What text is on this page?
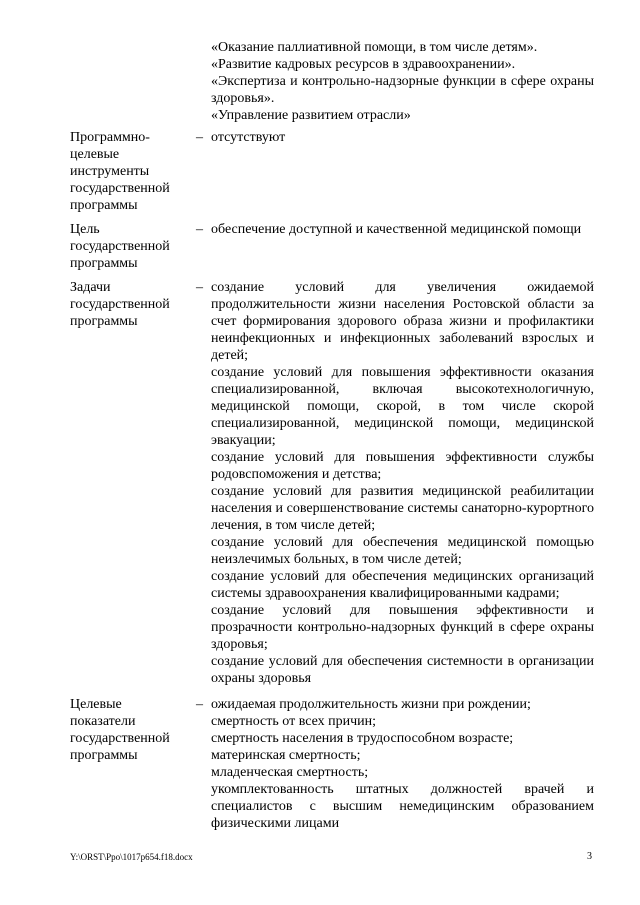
«Оказание паллиативной помощи, в том числе детям».

«Развитие кадровых ресурсов в здравоохранении».

«Экспертиза и контрольно-надзорные функции в сфере охраны здоровья».

«Управление развитием отрасли»

Программно-

целевые

инструменты

государственной

программы

– отсутствуют

Цель

государственной

программы

– обеспечение доступной и качественной медицинской помощи

Задачи

государственной

программы

– создание условий для увеличения ожидаемой продолжительности жизни населения Ростовской области за счет формирования здорового образа жизни и профилактики неинфекционных и инфекционных заболеваний взрослых и детей;

создание условий для повышения эффективности оказания специализированной, включая высокотехнологичную, медицинской помощи, скорой, в том числе скорой специализированной, медицинской помощи, медицинской эвакуации;

создание условий для повышения эффективности службы родовспоможения и детства;

создание условий для развития медицинской реабилитации населения и совершенствование системы санаторно-курортного лечения, в том числе детей;

создание условий для обеспечения медицинской помощью неизлечимых больных, в том числе детей;

создание условий для обеспечения медицинских организаций системы здравоохранения квалифицированными кадрами;

создание условий для повышения эффективности и прозрачности контрольно-надзорных функций в сфере охраны здоровья;

создание условий для обеспечения системности в организации охраны здоровья

Целевые

показатели

государственной

программы

– ожидаемая продолжительность жизни при рождении;

смертность от всех причин;

смертность населения в трудоспособном возрасте;

материнская смертность;

младенческая смертность;

укомплектованность штатных должностей врачей и специалистов с высшим немедицинским образованием физическими лицами

Y:\ORST\Ppo\1017p654.f18.docx	3
